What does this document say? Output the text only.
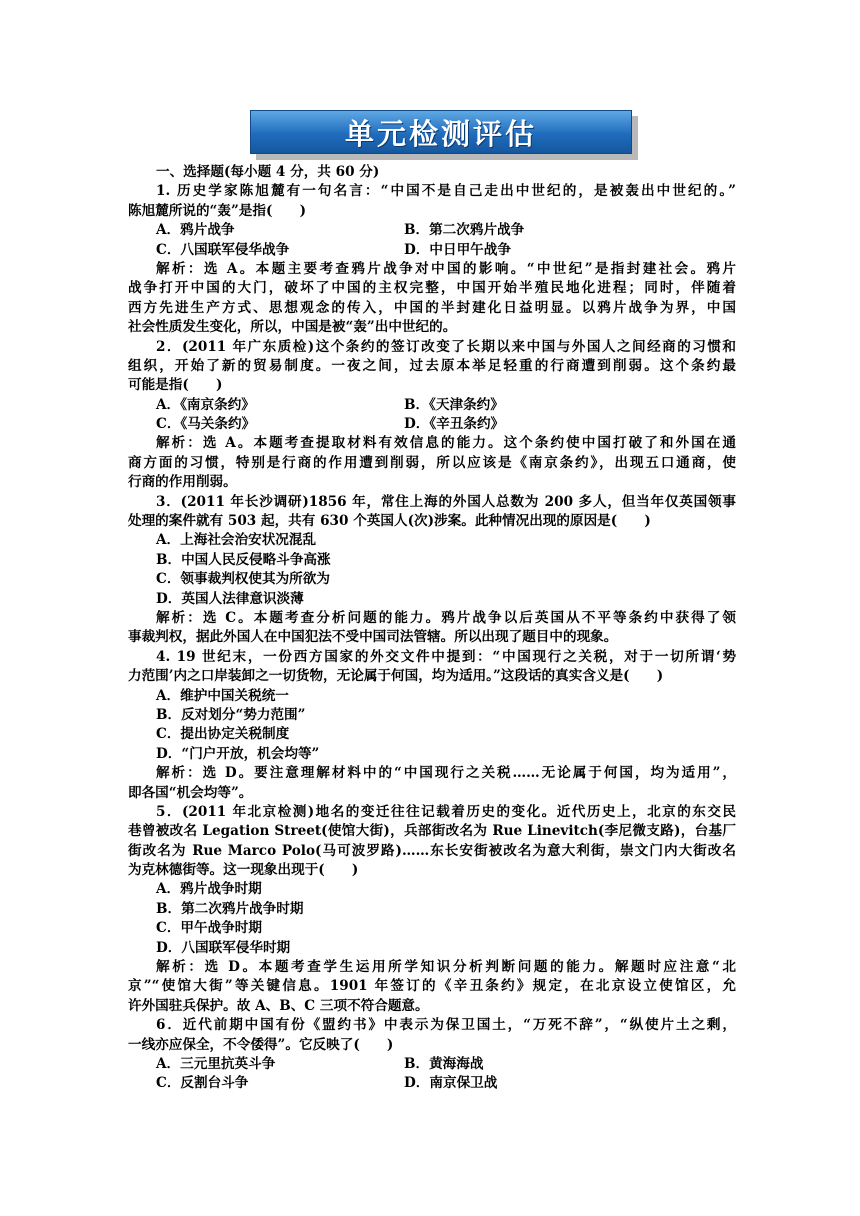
单元检测评估
一、选择题(每小题 4 分，共 60 分)
1. 历史学家陈旭麓有一句名言：“中国不是自己走出中世纪的，是被轰出中世纪的。”
陈旭麓所说的“轰”是指(　　)
A．鸦片战争	B．第二次鸦片战争
C．八国联军侵华战争	D．中日甲午战争
解析：选 A。本题主要考查鸦片战争对中国的影响。“中世纪”是指封建社会。鸦片
战争打开中国的大门，破坏了中国的主权完整，中国开始半殖民地化进程；同时，伴随着
西方先进生产方式、思想观念的传入，中国的半封建化日益明显。以鸦片战争为界，中国
社会性质发生变化，所以，中国是被“轰”出中世纪的。
2．(2011 年广东质检)这个条约的签订改变了长期以来中国与外国人之间经商的习惯和
组织，开始了新的贸易制度。一夜之间，过去原本举足轻重的行商遭到削弱。这个条约最
可能是指(　　)
A．《南京条约》	B．《天津条约》
C．《马关条约》	D．《辛丑条约》
解析：选 A。本题考查提取材料有效信息的能力。这个条约使中国打破了和外国在通
商方面的习惯，特别是行商的作用遭到削弱，所以应该是《南京条约》，出现五口通商，使
行商的作用削弱。
3．(2011 年长沙调研)1856 年，常住上海的外国人总数为 200 多人，但当年仅英国领事
处理的案件就有 503 起，共有 630 个英国人(次)涉案。此种情况出现的原因是(　　)
A．上海社会治安状况混乱
B．中国人民反侵略斗争高涨
C．领事裁判权使其为所欲为
D．英国人法律意识淡薄
解析：选 C。本题考查分析问题的能力。鸦片战争以后英国从不平等条约中获得了领
事裁判权，据此外国人在中国犯法不受中国司法管辖。所以出现了题目中的现象。
4. 19 世纪末，一份西方国家的外交文件中提到：“中国现行之关税，对于一切所谓‘势
力范围’内之口岸装卸之一切货物，无论属于何国，均为适用。”这段话的真实含义是(　　)
A．维护中国关税统一
B．反对划分“势力范围”
C．提出协定关税制度
D．“门户开放，机会均等”
解析：选 D。要注意理解材料中的“中国现行之关税……无论属于何国，均为适用”，
即各国“机会均等”。
5．(2011 年北京检测)地名的变迁往往记载着历史的变化。近代历史上，北京的东交民
巷曾被改名 Legation Street(使馆大街)，兵部街改名为 Rue Linevitch(李尼微支路)，台基厂
街改名为 Rue Marco Polo(马可波罗路)……东长安街被改名为意大利街，崇文门内大街改名
为克林德街等。这一现象出现于(　　)
A．鸦片战争时期
B．第二次鸦片战争时期
C．甲午战争时期
D．八国联军侵华时期
解析：选 D。本题考查学生运用所学知识分析判断问题的能力。解题时应注意“北
京”“使馆大街”等关键信息。1901 年签订的《辛丑条约》规定，在北京设立使馆区，允
许外国驻兵保护。故 A、B、C 三项不符合题意。
6．近代前期中国有份《盟约书》中表示为保卫国土，“万死不辞”，“纵使片土之剩，
一线亦应保全，不令倭得”。它反映了(　　)
A．三元里抗英斗争	B．黄海海战
C．反割台斗争	D．南京保卫战
